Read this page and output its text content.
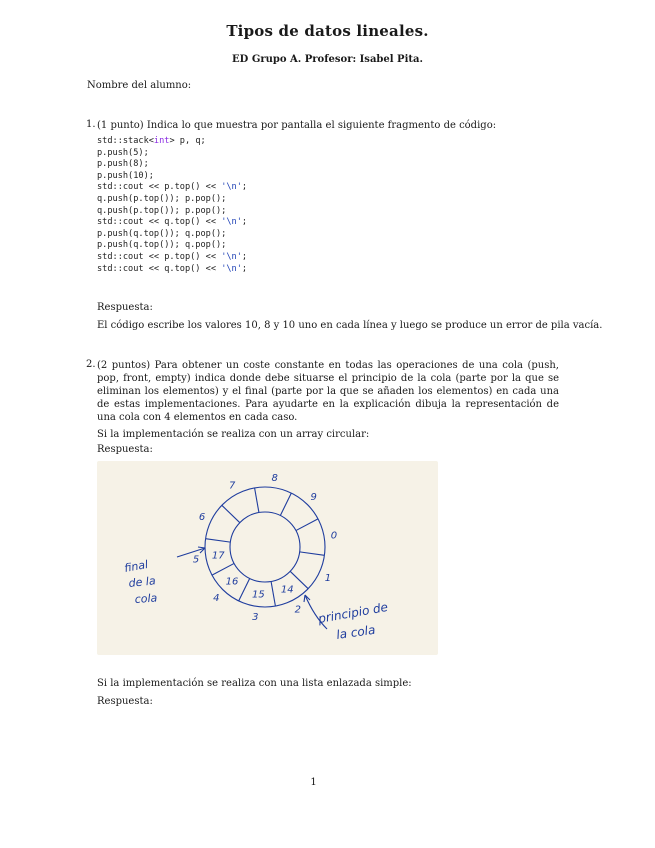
Tipos de datos lineales.
ED Grupo A. Profesor: Isabel Pita.
Nombre del alumno:
1. (1 punto) Indica lo que muestra por pantalla el siguiente fragmento de código:
std::stack<int> p, q;
p.push(5);
p.push(8);
p.push(10);
std::cout << p.top() << '\n';
q.push(p.top()); p.pop();
q.push(p.top()); p.pop();
std::cout << q.top() << '\n';
p.push(q.top()); q.pop();
p.push(q.top()); q.pop();
std::cout << p.top() << '\n';
std::cout << q.top() << '\n';
Respuesta:
El código escribe los valores 10, 8 y 10 uno en cada línea y luego se produce un error de pila vacía.
2. (2 puntos) Para obtener un coste constante en todas las operaciones de una cola (push, pop, front, empty) indica donde debe situarse el principio de la cola (parte por la que se eliminan los elementos) y el final (parte por la que se añaden los elementos) en cada una de estas implementaciones. Para ayudarte en la explicación dibuja la representación de una cola con 4 elementos en cada caso.

Si la implementación se realiza con un array circular:

Respuesta:
0
1
2
3
4
5
6
7
8
9
14
15
16
17
final
de la
cola
principio de
la cola
Si la implementación se realiza con una lista enlazada simple:
Respuesta:
1
